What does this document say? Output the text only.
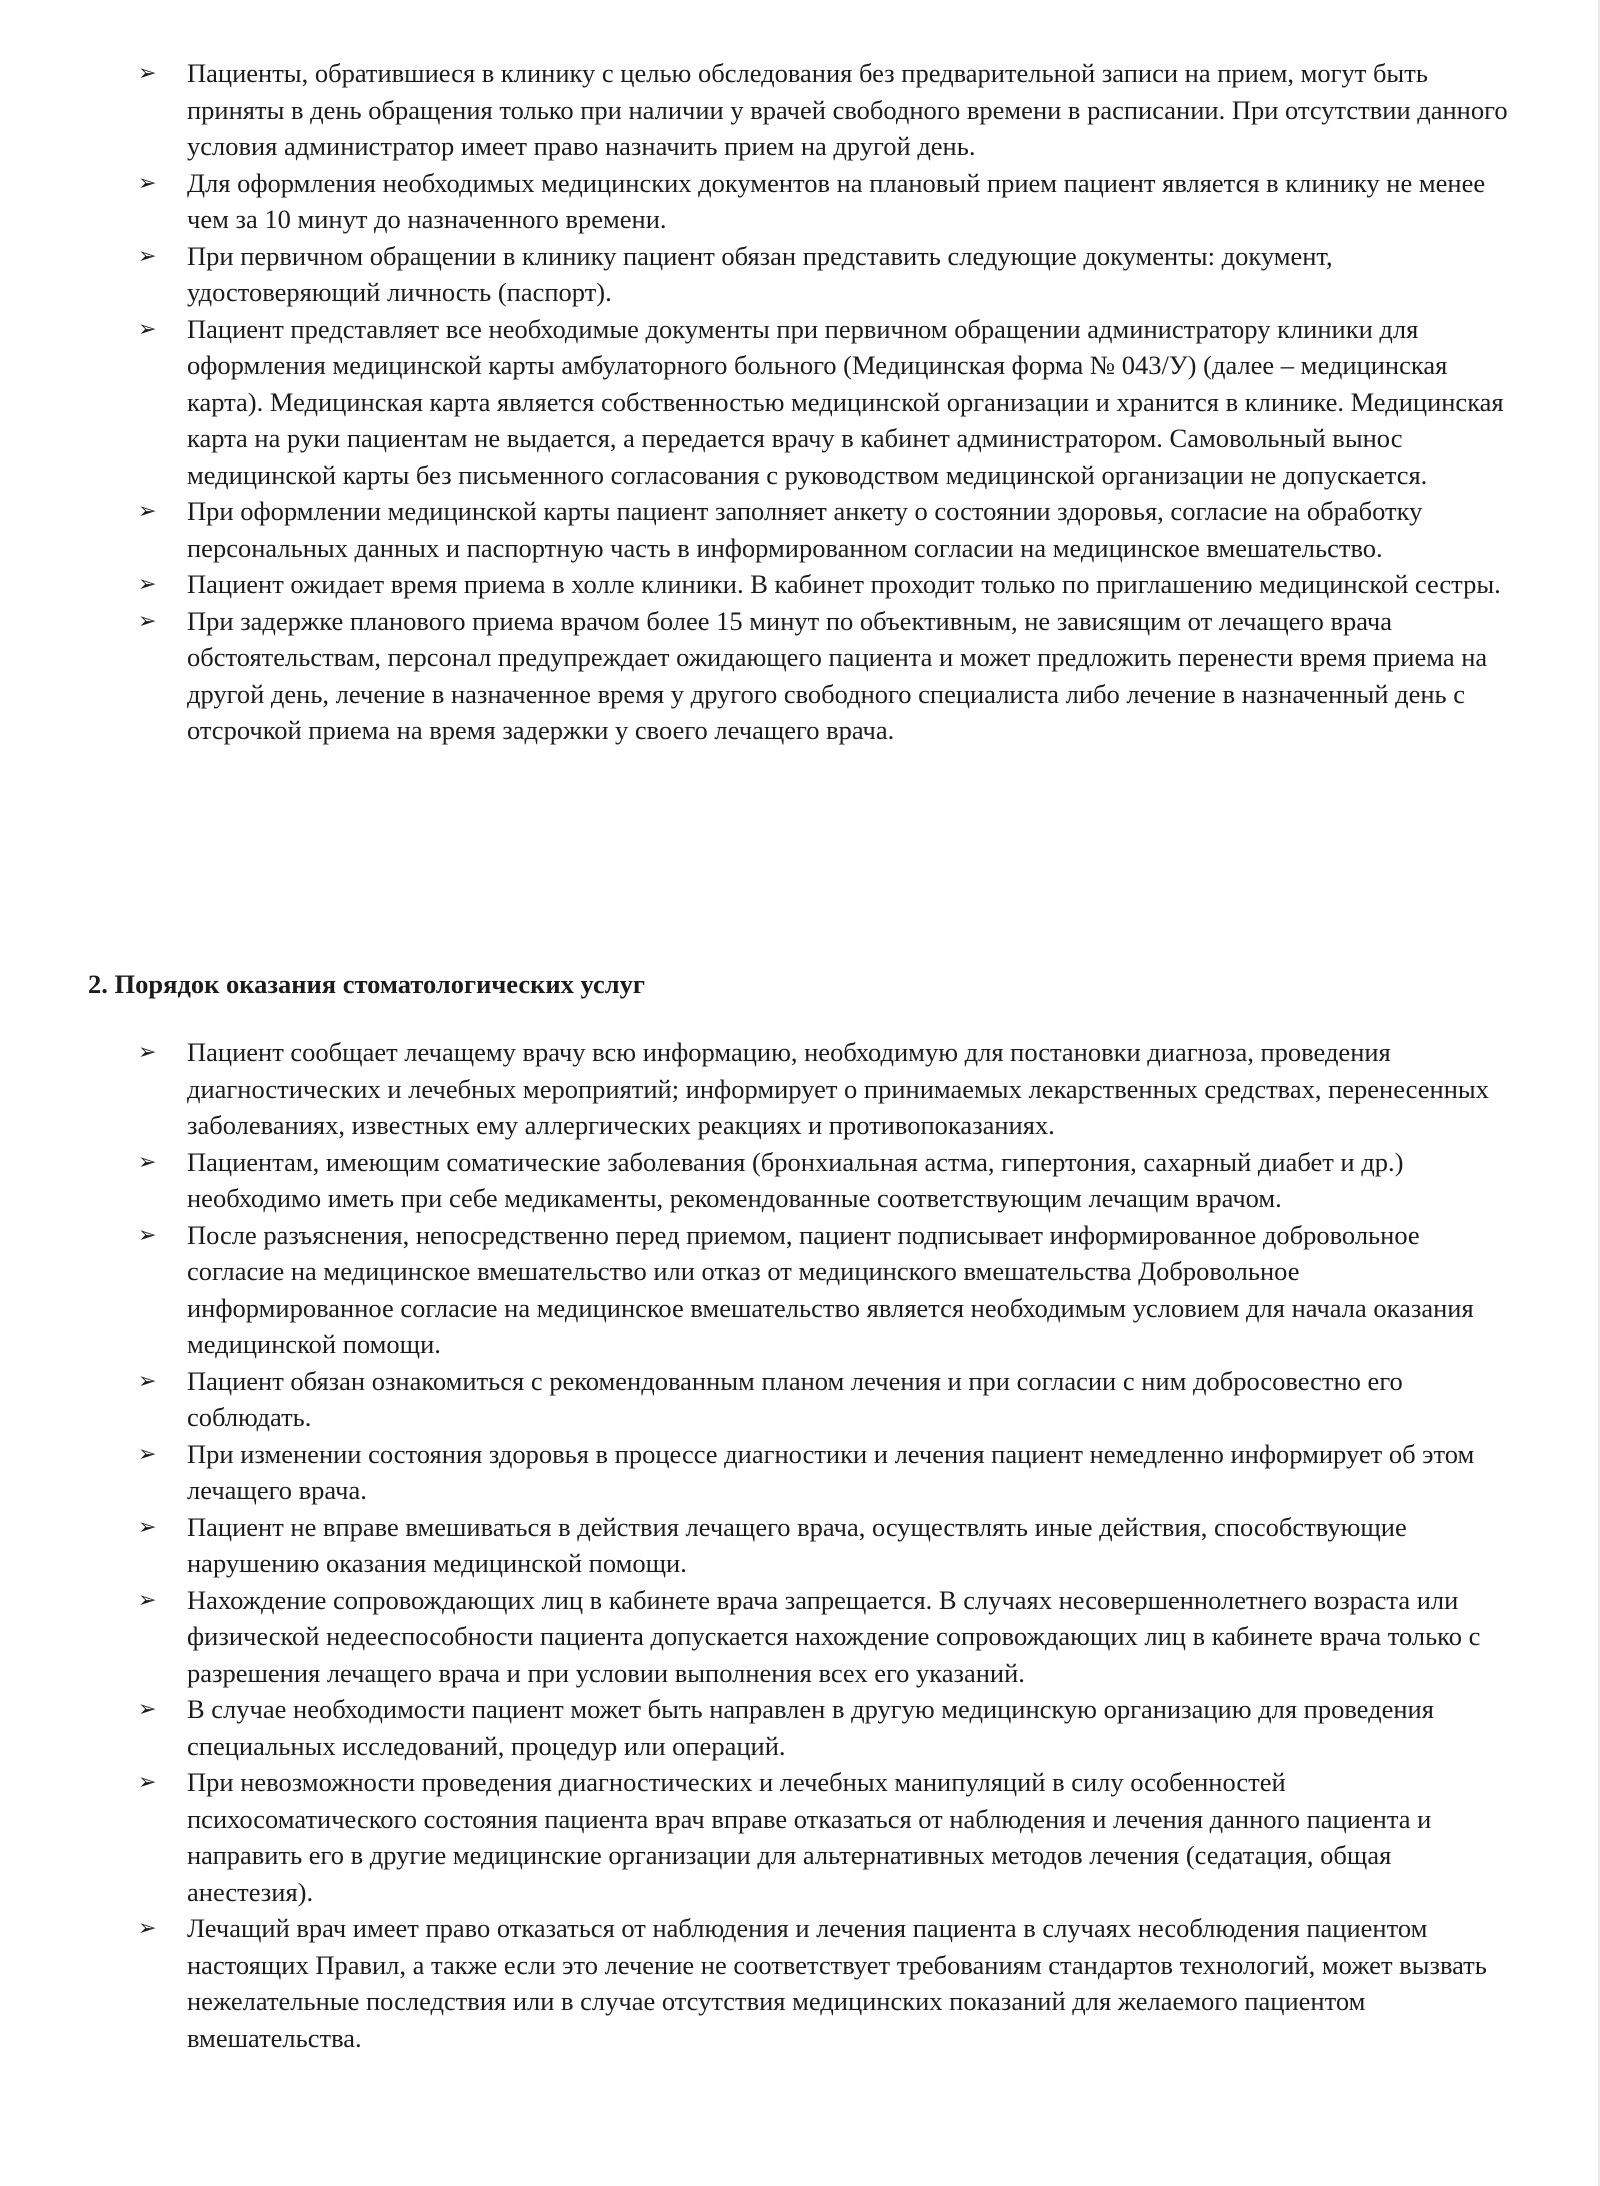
➢ Пациенты, обратившиеся в клинику с целью обследования без предварительной записи на прием, могут быть приняты в день обращения только при наличии у врачей свободного времени в расписании. При отсутствии данного условия администратор имеет право назначить прием на другой день.
➢ Для оформления необходимых медицинских документов на плановый прием пациент является в клинику не менее чем за 10 минут до назначенного времени.
➢ При первичном обращении в клинику пациент обязан представить следующие документы: документ, удостоверяющий личность (паспорт).
➢ Пациент представляет все необходимые документы при первичном обращении администратору клиники для оформления медицинской карты амбулаторного больного (Медицинская форма № 043/У) (далее – медицинская карта). Медицинская карта является собственностью медицинской организации и хранится в клинике. Медицинская карта на руки пациентам не выдается, а передается врачу в кабинет администратором. Самовольный вынос медицинской карты без письменного согласования с руководством медицинской организации не допускается.
➢ При оформлении медицинской карты пациент заполняет анкету о состоянии здоровья, согласие на обработку персональных данных и паспортную часть в информированном согласии на медицинское вмешательство.
➢ Пациент ожидает время приема в холле клиники. В кабинет проходит только по приглашению медицинской сестры.
➢ При задержке планового приема врачом более 15 минут по объективным, не зависящим от лечащего врача обстоятельствам, персонал предупреждает ожидающего пациента и может предложить перенести время приема на другой день, лечение в назначенное время у другого свободного специалиста либо лечение в назначенный день с отсрочкой приема на время задержки у своего лечащего врача.
2. Порядок оказания стоматологических услуг
➢ Пациент сообщает лечащему врачу всю информацию, необходимую для постановки диагноза, проведения диагностических и лечебных мероприятий; информирует о принимаемых лекарственных средствах, перенесенных заболеваниях, известных ему аллергических реакциях и противопоказаниях.
➢ Пациентам, имеющим соматические заболевания (бронхиальная астма, гипертония, сахарный диабет и др.) необходимо иметь при себе медикаменты, рекомендованные соответствующим лечащим врачом.
➢ После разъяснения, непосредственно перед приемом, пациент подписывает информированное добровольное согласие на медицинское вмешательство или отказ от медицинского вмешательства Добровольное информированное согласие на медицинское вмешательство является необходимым условием для начала оказания медицинской помощи.
➢ Пациент обязан ознакомиться с рекомендованным планом лечения и при согласии с ним добросовестно его соблюдать.
➢ При изменении состояния здоровья в процессе диагностики и лечения пациент немедленно информирует об этом лечащего врача.
➢ Пациент не вправе вмешиваться в действия лечащего врача, осуществлять иные действия, способствующие нарушению оказания медицинской помощи.
➢ Нахождение сопровождающих лиц в кабинете врача запрещается. В случаях несовершеннолетнего возраста или физической недееспособности пациента допускается нахождение сопровождающих лиц в кабинете врача только с разрешения лечащего врача и при условии выполнения всех его указаний.
➢ В случае необходимости пациент может быть направлен в другую медицинскую организацию для проведения специальных исследований, процедур или операций.
➢ При невозможности проведения диагностических и лечебных манипуляций в силу особенностей психосоматического состояния пациента врач вправе отказаться от наблюдения и лечения данного пациента и направить его в другие медицинские организации для альтернативных методов лечения (седатация, общая анестезия).
➢ Лечащий врач имеет право отказаться от наблюдения и лечения пациента в случаях несоблюдения пациентом настоящих Правил, а также если это лечение не соответствует требованиям стандартов технологий, может вызвать нежелательные последствия или в случае отсутствия медицинских показаний для желаемого пациентом вмешательства.
